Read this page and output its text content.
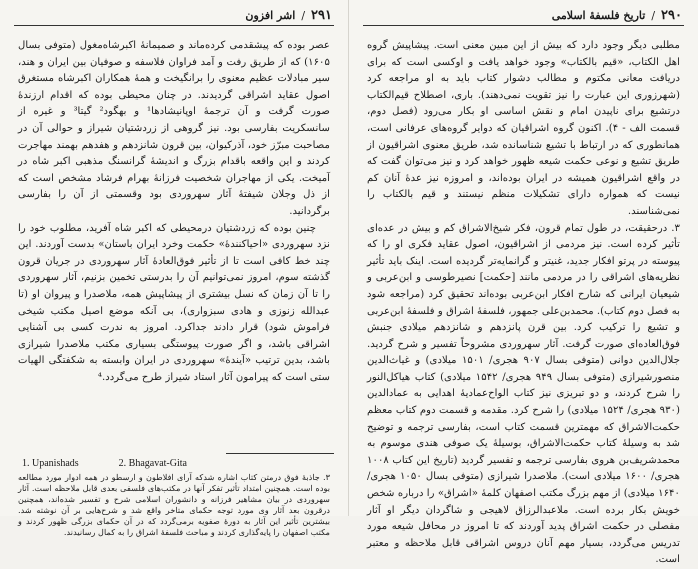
۲۹۱
/
اشر افزون

عصر بوده که پیشقدمی کرده‌ماند و صمیمانهٔ اکبرشاه‌مغول (متوفی بسال ۱۶۰۵) که از طریق رفت و آمد فراوان فلاسفه و صوفیان بین ایران و هند، سیر مبادلات عظیم معنوی را برانگیخت و همهٔ همکاران اکبرشاه مستغرق اصول عقاید اشراقی گردیدند. در چنان محیطی بوده که اقدام ارزندهٔ صورت گرفت و آن ترجمهٔ اوپانیشادها¹ و بهگود² گیتا³ و غیره از سانسکریت بفارسی بود. نیز گروهی از زردشتیان شیراز و حوالی آن در مصاحبت مبرّز خود، آذرکیوان، بین قرون شانزدهم و هفدهم بهمند مهاجرت کردند و این واقعه باقدام بزرگ و اندیشهٔ گرانسنگ مذهبی اکبر شاه در آمیخت. یکی از مهاجران شخصیت فرزانهٔ بهرام فرشاد مشخص است که از ذل وجلان شیفتهٔ آثار سهروردی بود وقسمتی از آن را بفارسی برگردانید.

چنین بوده که زردشتیان درمحیطی که اکبر شاه آفرید، مطلوب خود را نزد سهروردی «احیاکنندهٔ» حکمت وخرد ایران باستان» بدست آوردند. این چند خط کافی است تا از تأثیر فوق‌العادهٔ آثار سهروردی در جریان قرون گذشته سوم، امروز نمی‌توانیم آن را بدرستی تخمین بزنیم، آثار سهروردی را تا آن زمان که نسل بیشتری از پیشاپیش همه، ملاصدرا و پیروان او (تا عبدالله زنوزی و هادی سبزواری)، بی آنکه موضع اصیل مکتب شیخی فراموش شود) قرار دادند جداکرد. امروز به ندرت کسی بی آشنایی اشراقی باشد، و اگر صورت پیوستگی بسیاری مکتب ملاصدرا شیرازی باشد، بدین ترتیب «آیندهٔ» سهروردی در ایران وابسته به شکفتگی الهیات ستی است که پیرامون آثار استاد شیراز طرح می‌گردد.⁴

1. Upanishads	2. Bhagavat-Gita
۳. جاذبهٔ فوق درمتن کتاب اشاره شدکه آرای افلاطون و ارسطو در همه ادوار مورد مطالعه بوده است. همچنین امتداد تأثیر تفکر آنها در مکتب‌های فلسفی بعدی قابل ملاحظه است. آثار سهروردی در بیان مشاهیر فرزانه و دانشوران اسلامی شرح و تفسیر شده‌اند، همچنین درقرون بعد آثار وی مورد توجه حکمای متاخر واقع شد و شرح‌هایی بر آن نوشته شد. بیشترین تأثیر این آثار به دورهٔ صفویه برمی‌گردد که در آن حکمای بزرگی ظهور کردند و مکتب اصفهان را پایه‌گذاری کردند و مباحث فلسفهٔ اشراق را به کمال رسانیدند.
۲۹۰
/
تاریخ فلسفهٔ اسلامی

مطلبی دیگر وجود دارد که بیش از این مبین معنی است. پیشاپیش گروه اهل الکتاب، «قیم بالکتاب» وجود خواهد یافت و اوکسی است که برای دریافت معانی مکتوم و مطالب دشوار کتاب باید به او مراجعه کرد (شهرزوری این عبارت را نیز تقویت نمی‌دهند). باری، اصطلاح قیم‌الکتاب درتشیع برای ناپیدن امام و نقش اساسی او بکار می‌رود (فصل دوم، قسمت الف - ۴). اکنون گروه اشراقیان که دوایر گروه‌های عرفانی است، همانطوری که در ارتباط با تشیع شناسانده شد، طریق معنوی اشراقیون از طریق تشیع و نوعی حکمت شیعه ظهور خواهد کرد و نیز می‌توان گفت که در واقع اشراقیون همیشه در ایران بوده‌اند، و امروزه نیز عدهٔ آنان کم نیست که همواره دارای تشکیلات منظم نیستند و قیم بالکتاب را نمی‌شناسند.

۳. درحقیقت، در طول تمام قرون، فکر شیخ‌الاشراق کم و بیش در عده‌ای تأثیر کرده است. نیز مردمی از اشراقیون، اصول عقاید فکری او را که پیوسته در پرتو افکار جدید، غنیتر و گرانمایه‌تر گردیده است. اینک باید تأثیر نظریه‌های اشراقی را در مردمی مانند [حکمت] نصیرطوسی و ابن‌عربی و شیعیان ایرانی که شارح افکار ابن‌عربی بوده‌اند تحقیق کرد (مراجعه شود به فصل دوم کتاب). محمدبن‌علی جمهور، فلسفهٔ اشراق و فلسفهٔ ابن‌عربی و تشیع را ترکیب کرد. بین قرن پانزدهم و شانزدهم میلادی جنبش فوق‌العاده‌ای صورت گرفت. آثار سهروردی مشروحاً تفسیر و شرح گردید. جلال‌الدین دوانی (متوفی بسال ۹۰۷ هجری/ ۱۵۰۱ میلادی) و غیاث‌الدین منصورشیرازی (متوفی بسال ۹۴۹ هجری/ ۱۵۴۲ میلادی) کتاب هیاکل‌النور را شرح کردند، و دو تبریزی نیز کتاب الواح‌عمادیهٔ اهدایی به عمادالدین (۹۳۰ هجری/ ۱۵۲۴ میلادی) را شرح کرد. مقدمه و قسمت دوم کتاب معظم حکمت‌الاشراق که مهمترین قسمت کتاب است، بفارسی ترجمه و توضیح شد به وسیلهٔ کتاب حکمت‌الاشراق، بوسیلهٔ یک صوفی هندی موسوم به محمدشریف‌بن هروی بفارسی ترجمه و تفسیر گردید (تاریخ این کتاب ۱۰۰۸ هجری/ ۱۶۰۰ میلادی است). ملاصدرا شیرازی (متوفی بسال ۱۰۵۰ هجری/ ۱۶۴۰ میلادی) از مهم بزرگ مکتب اصفهان کلمهٔ «اشراق» را درباره شخص خویش بکار برده است. ملاعبدالرزاق لاهیجی و شاگردان دیگر او آثار مفصلی در حکمت اشراق پدید آوردند که تا امروز در محافل شیعه مورد تدریس می‌گردد، بسیار مهم آنان دروس اشراقی قابل ملاحظه و معتبر است.
